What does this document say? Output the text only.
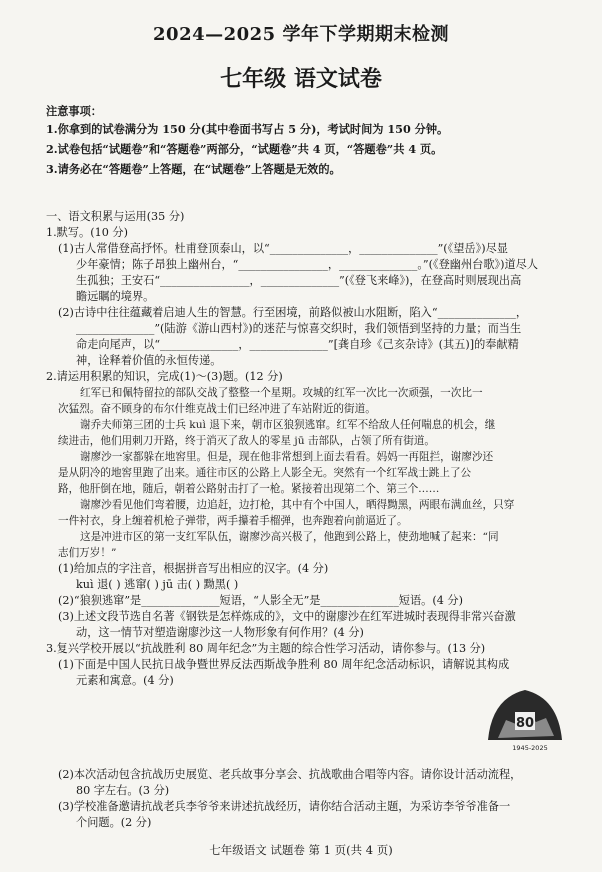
2024—2025 学年下学期期末检测
七年级 语文试卷
注意事项：
1.你拿到的试卷满分为 150 分(其中卷面书写占 5 分)，考试时间为 150 分钟。
2.试卷包括“试题卷”和“答题卷”两部分，“试题卷”共 4 页，“答题卷”共 4 页。
3.请务必在“答题卷”上答题，在“试题卷”上答题是无效的。
一、语文积累与运用(35 分)
1.默写。(10 分)
(1)古人常借登高抒怀。杜甫登顶泰山，以“______________，______________”(《望岳》)尽显
少年豪情；陈子昂独上幽州台，“________________，______________。”(《登幽州台歌》)道尽人
生孤独；王安石“________________，______________”(《登飞来峰》)，在登高时则展现出高
瞻远瞩的境界。
(2)古诗中往往蕴藏着启迪人生的智慧。行至困境，前路似被山水阻断，陷入“______________，
______________”(陆游《游山西村》)的迷茫与惊喜交织时，我们领悟到坚持的力量；而当生
命走向尾声，以“______________，______________”[龚自珍《己亥杂诗》(其五)]的奉献精
神，诠释着价值的永恒传递。
2.请运用积累的知识，完成(1)～(3)题。(12 分)
红军已和佩特留拉的部队交战了整整一个星期。攻城的红军一次比一次顽强，一次比一
次猛烈。奋不顾身的布尔什维克战士们已经冲进了车站附近的街道。
谢乔夫师第三团的士兵 kuì 退下来，朝市区狼狈逃窜。红军不给敌人任何喘息的机会，继
续进击，他们用刺刀开路，终于消灭了敌人的零星 jū 击部队，占领了所有街道。
谢廖沙一家都躲在地窖里。但是，现在他非常想到上面去看看。妈妈一再阻拦，谢廖沙还
是从阴冷的地窖里跑了出来。通往市区的公路上人影全无。突然有一个红军战士跳上了公
路，他肝倒在地，随后，朝着公路射击打了一枪。紧接着出现第二个、第三个……
谢廖沙看见他们弯着腰，边追赶，边打枪，其中有个中国人，晒得黝黑，两眼布满血丝，只穿
一件衬衣，身上缠着机枪子弹带，两手攥着手榴弹，也奔跑着向前逼近了。
这是冲进市区的第一支红军队伍，谢廖沙高兴极了，他跑到公路上，使劲地喊了起来：“同
志们万岁！”
(1)给加点的字注音，根据拼音写出相应的汉字。(4 分)
kuì 退( ) 逃窜( ) jū 击( ) 黝黑( )
(2)“狼狈逃窜”是______________短语，“人影全无”是______________短语。(4 分)
(3)上述文段节选自名著《钢铁是怎样炼成的》，文中的谢廖沙在红军进城时表现得非常兴奋激
动，这一情节对塑造谢廖沙这一人物形象有何作用？(4 分)
3.复兴学校开展以“抗战胜利 80 周年纪念”为主题的综合性学习活动，请你参与。(13 分)
(1)下面是中国人民抗日战争暨世界反法西斯战争胜利 80 周年纪念活动标识，请解说其构成
元素和寓意。(4 分)
80
1945-2025
(2)本次活动包含抗战历史展览、老兵故事分享会、抗战歌曲合唱等内容。请你设计活动流程，
80 字左右。(3 分)
(3)学校准备邀请抗战老兵李爷爷来讲述抗战经历，请你结合活动主题，为采访李爷爷准备一
个问题。(2 分)
七年级语文 试题卷 第 1 页(共 4 页)
